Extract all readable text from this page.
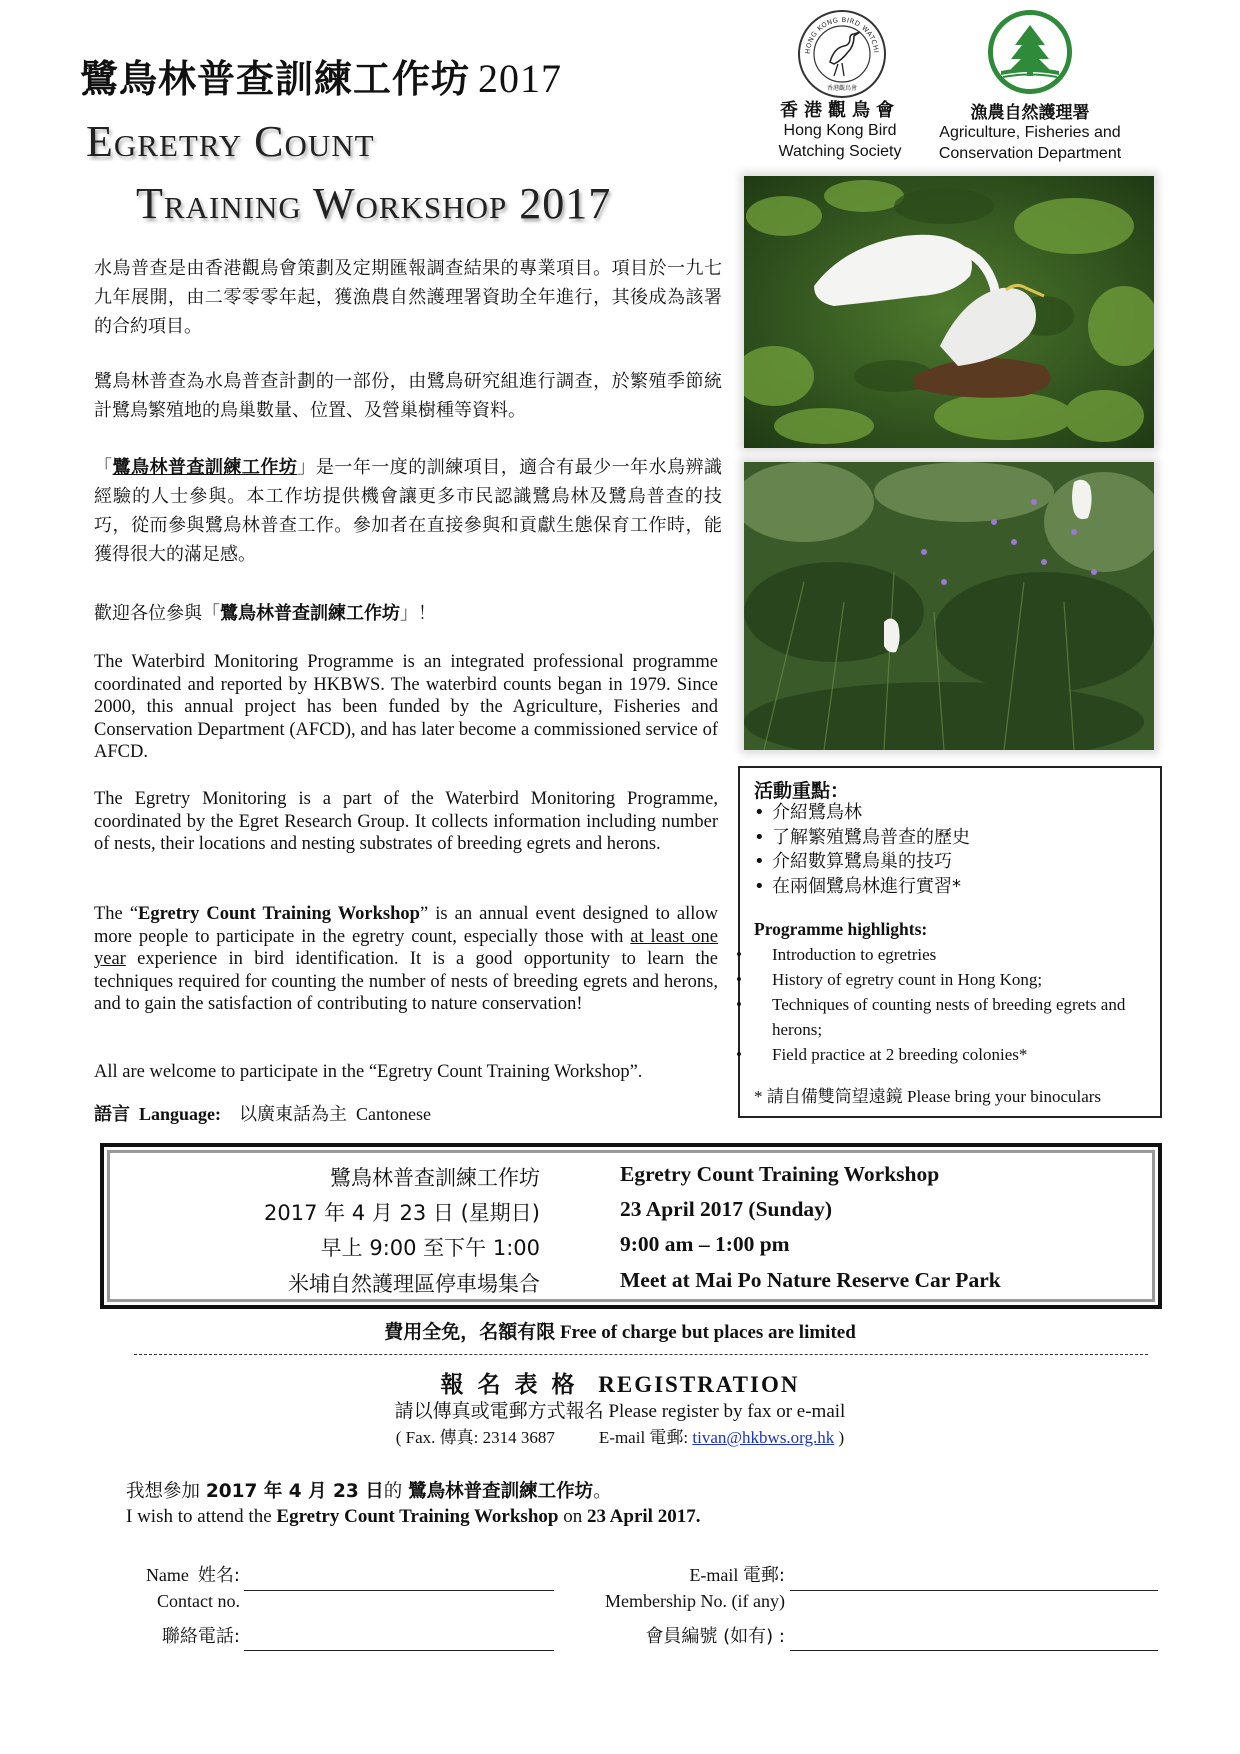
鷺鳥林普查訓練工作坊 2017
Egretry Count
Training Workshop 2017
HONG KONG BIRD WATCHI
香港觀鳥會
香港觀鳥會
Hong Kong Bird
Watching Society
漁農自然護理署
Agriculture, Fisheries and
Conservation Department
水鳥普查是由香港觀鳥會策劃及定期匯報調查結果的專業項目。項目於一九七九年展開，由二零零零年起，獲漁農自然護理署資助全年進行，其後成為該署的合約項目。
鷺鳥林普查為水鳥普查計劃的一部份，由鷺鳥研究組進行調查，於繁殖季節統計鷺鳥繁殖地的鳥巢數量、位置、及營巢樹種等資料。
「鷺鳥林普查訓練工作坊」是一年一度的訓練項目，適合有最少一年水鳥辨識經驗的人士參與。本工作坊提供機會讓更多市民認識鷺鳥林及鷺鳥普查的技巧，從而參與鷺鳥林普查工作。參加者在直接參與和貢獻生態保育工作時，能獲得很大的滿足感。
歡迎各位參與「鷺鳥林普查訓練工作坊」！
The Waterbird Monitoring Programme is an integrated professional programme coordinated and reported by HKBWS. The waterbird counts began in 1979. Since 2000, this annual project has been funded by the Agriculture, Fisheries and Conservation Department (AFCD), and has later become a commissioned service of AFCD.
The Egretry Monitoring is a part of the Waterbird Monitoring Programme, coordinated by the Egret Research Group. It collects information including number of nests, their locations and nesting substrates of breeding egrets and herons.
The “Egretry Count Training Workshop” is an annual event designed to allow more people to participate in the egretry count, especially those with at least one year experience in bird identification. It is a good opportunity to learn the techniques required for counting the number of nests of breeding egrets and herons, and to gain the satisfaction of contributing to nature conservation!
All are welcome to participate in the “Egretry Count Training Workshop”.
語言 Language: 以廣東話為主 Cantonese
活動重點：
• 介紹鷺鳥林
• 了解繁殖鷺鳥普查的歷史
• 介紹數算鷺鳥巢的技巧
• 在兩個鷺鳥林進行實習*
Programme highlights:
• Introduction to egretries
• History of egretry count in Hong Kong;
• Techniques of counting nests of breeding egrets and herons;
• Field practice at 2 breeding colonies*
* 請自備雙筒望遠鏡 Please bring your binoculars
鷺鳥林普查訓練工作坊	Egretry Count Training Workshop
2017 年 4 月 23 日 (星期日)	23 April 2017 (Sunday)
早上 9:00 至下午 1:00	9:00 am – 1:00 pm
米埔自然護理區停車場集合	Meet at Mai Po Nature Reserve Car Park
費用全免，名額有限 Free of charge but places are limited
報名表格 REGISTRATION
請以傳真或電郵方式報名 Please register by fax or e-mail
( Fax. 傳真: 2314 3687	E-mail 電郵: tivan@hkbws.org.hk )
我想參加 2017 年 4 月 23 日的 鷺鳥林普查訓練工作坊。
I wish to attend the Egretry Count Training Workshop on 23 April 2017.
Name 姓名:
Contact no.
聯絡電話:
E-mail 電郵:
Membership No. (if any)
會員編號 (如有) :
